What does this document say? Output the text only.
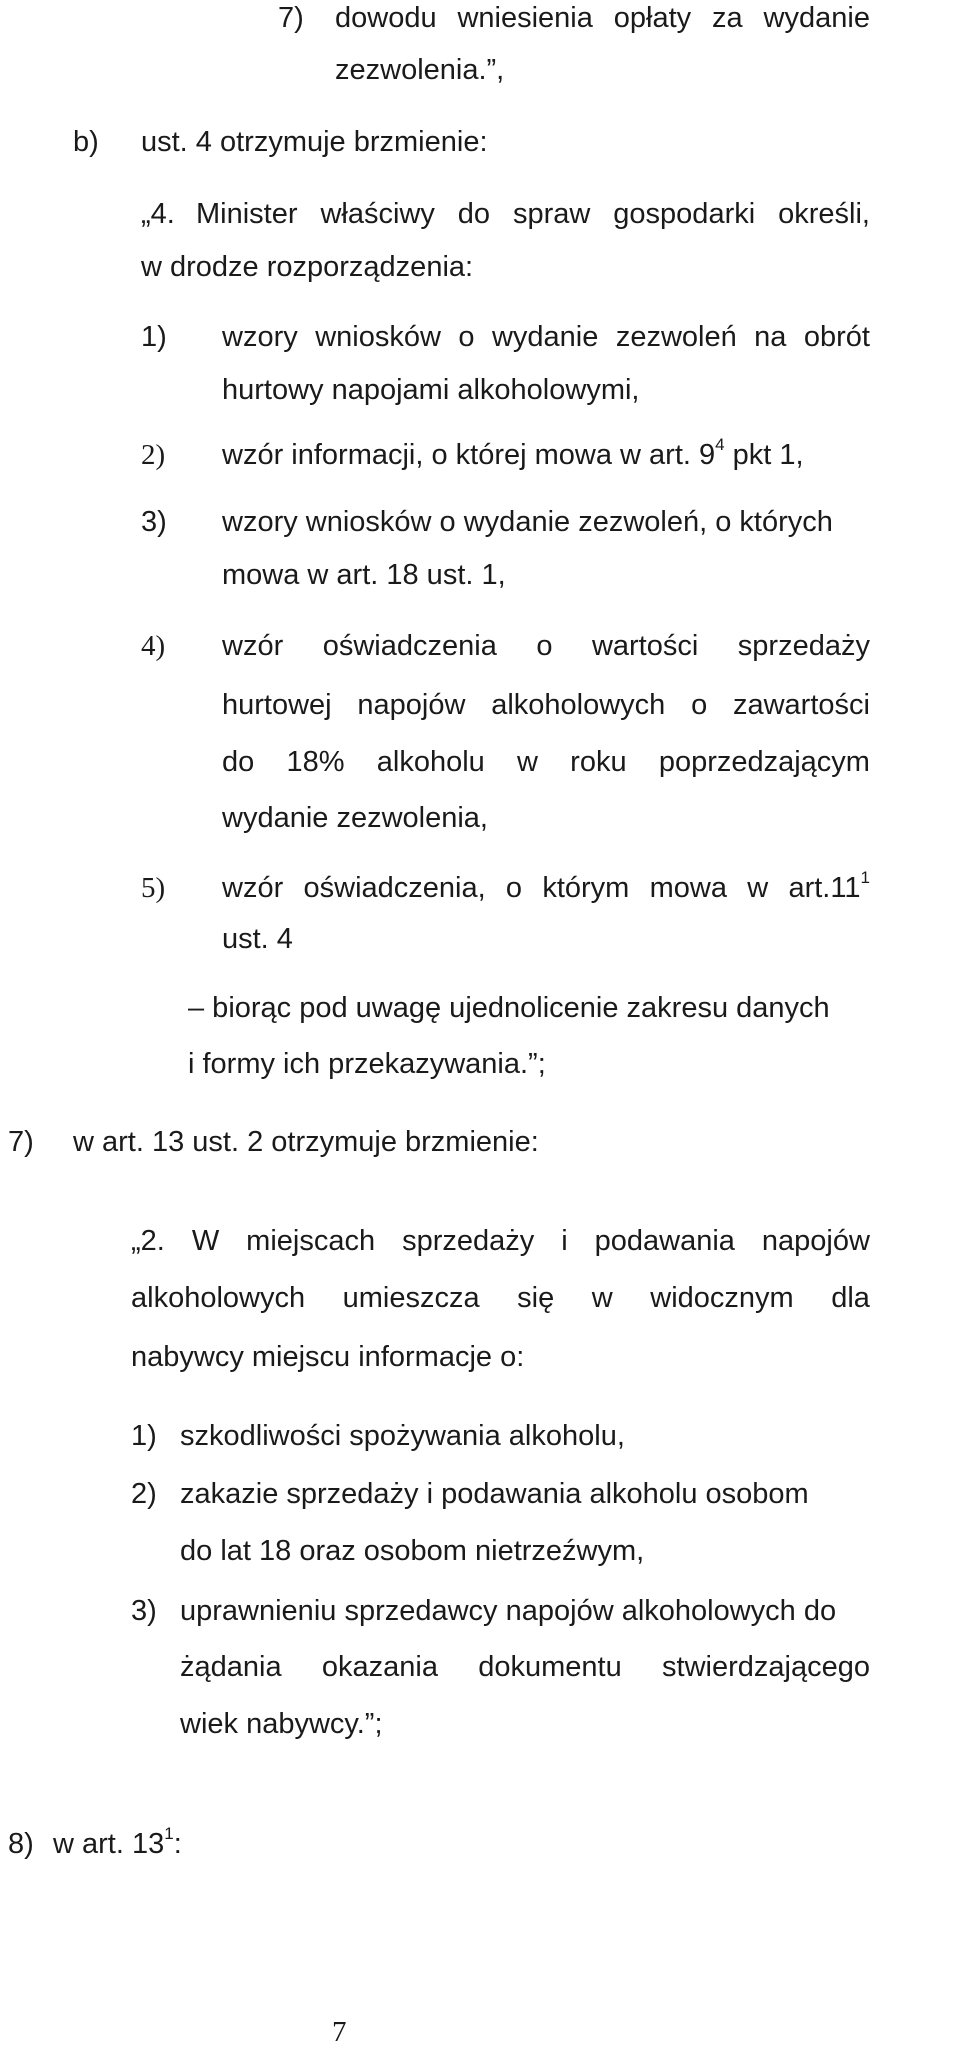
7) dowodu wniesienia opłaty za wydanie
zezwolenia.”,
b) ust. 4 otrzymuje brzmienie:
„4. Minister właściwy do spraw gospodarki określi,
w drodze rozporządzenia:
1) wzory wniosków o wydanie zezwoleń na obrót
hurtowy napojami alkoholowymi,
2) wzór informacji, o której mowa w art. $9^4$ pkt 1,
3) wzory wniosków o wydanie zezwoleń, o których
mowa w art. 18 ust. 1,
4) wzór oświadczenia o wartości sprzedaży
hurtowej napojów alkoholowych o zawartości
do 18% alkoholu w roku poprzedzającym
wydanie zezwolenia,
5) wzór oświadczenia, o którym mowa w $art.11^1$
ust. 4
– biorąc pod uwagę ujednolicenie zakresu danych
i formy ich przekazywania.”;
7) w art. 13 ust. 2 otrzymuje brzmienie:
„2. W miejscach sprzedaży i podawania napojów
alkoholowych umieszcza się w widocznym dla
nabywcy miejscu informacje o:
1) szkodliwości spożywania alkoholu,
2) zakazie sprzedaży i podawania alkoholu osobom
do lat 18 oraz osobom nietrzeźwym,
3) uprawnieniu sprzedawcy napojów alkoholowych do
żądania okazania dokumentu stwierdzającego
wiek nabywcy.”;
8) w art. $13^1$:
7
